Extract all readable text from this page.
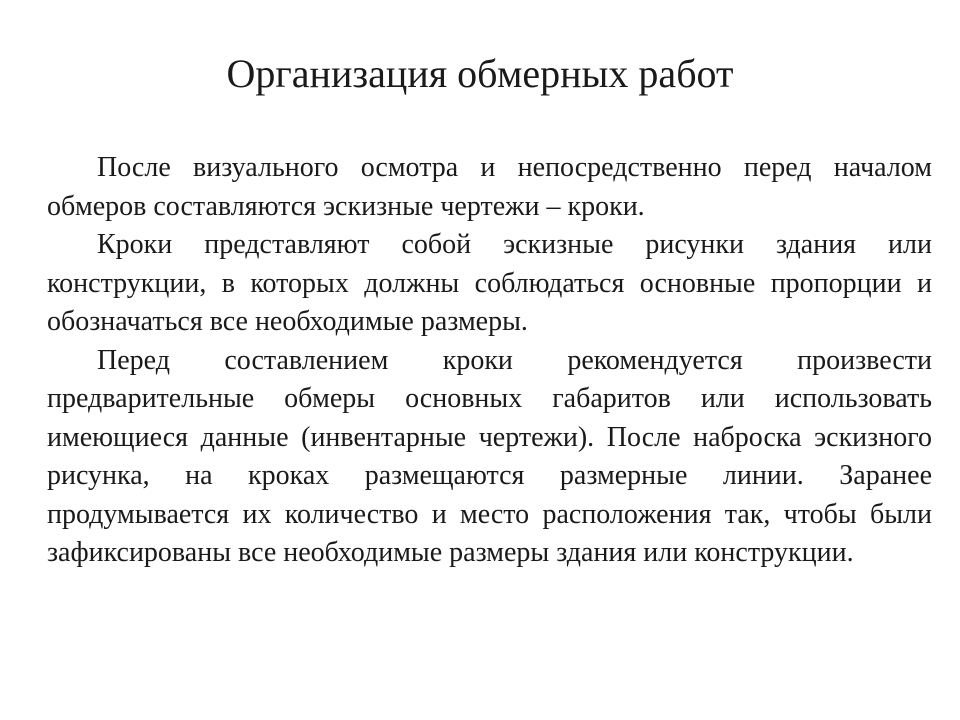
Организация обмерных работ

После визуального осмотра и непосредственно перед началом обмеров составляются эскизные чертежи – кроки.

Кроки представляют собой эскизные рисунки здания или конструкции, в которых должны соблюдаться основные пропорции и обозначаться все необходимые размеры.

Перед составлением кроки рекомендуется произвести предварительные обмеры основных габаритов или использовать имеющиеся данные (инвентарные чертежи). После наброска эскизного рисунка, на кроках размещаются размерные линии. Заранее продумывается их количество и место расположения так, чтобы были зафиксированы все необходимые размеры здания или конструкции.
